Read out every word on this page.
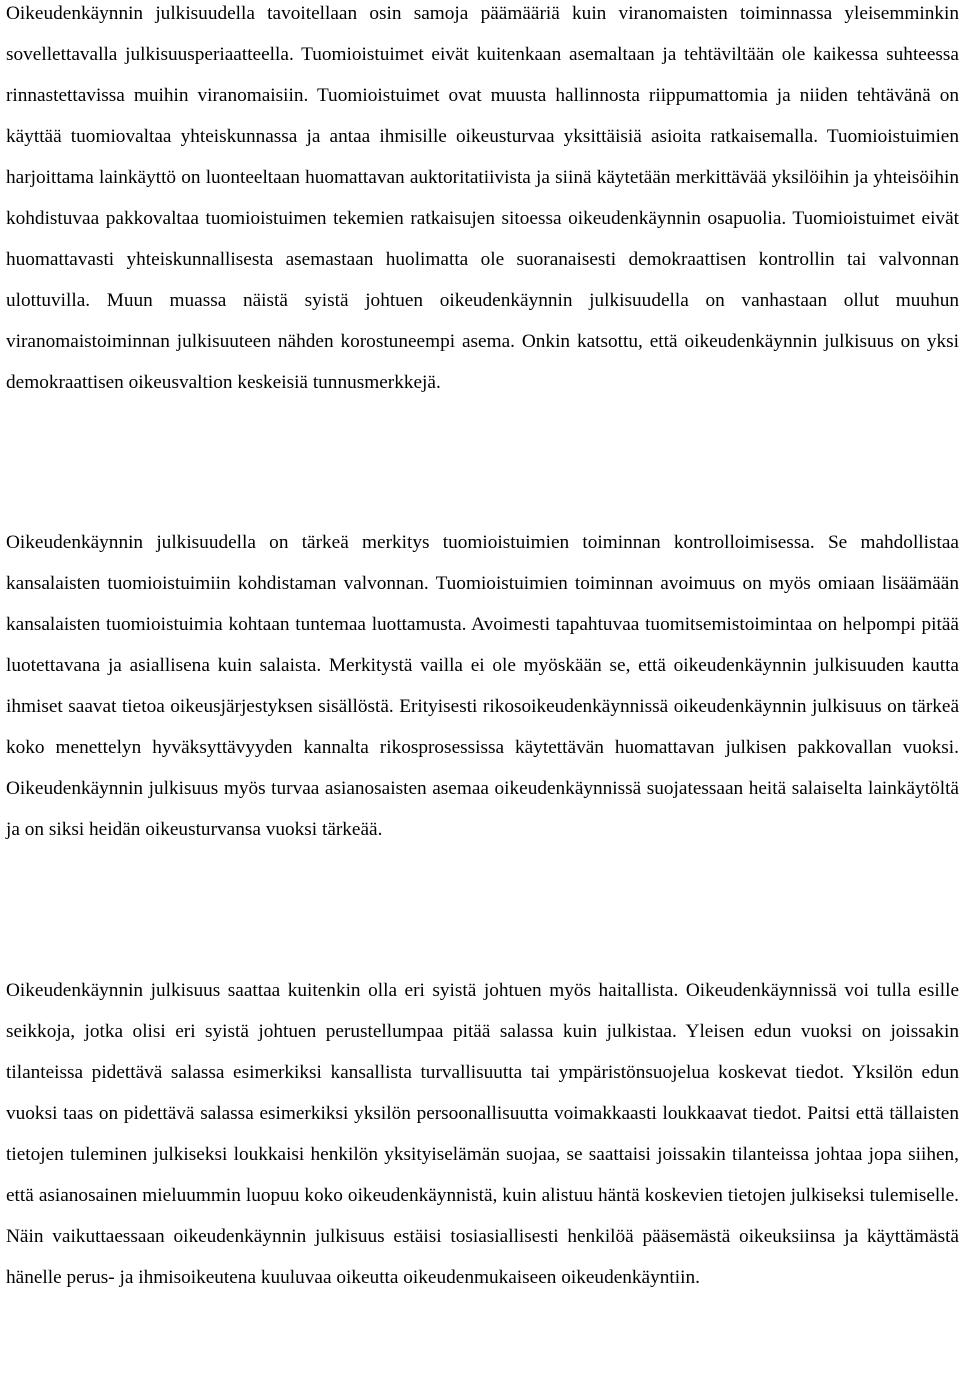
Oikeudenkäynnin julkisuudella tavoitellaan osin samoja päämääriä kuin viranomaisten toiminnassa yleisemminkin sovellettavalla julkisuusperiaatteella. Tuomioistuimet eivät kuitenkaan asemaltaan ja tehtäviltään ole kaikessa suhteessa rinnastettavissa muihin viranomaisiin. Tuomioistuimet ovat muusta hallinnosta riippumattomia ja niiden tehtävänä on käyttää tuomiovaltaa yhteiskunnassa ja antaa ihmisille oikeusturvaa yksittäisiä asioita ratkaisemalla. Tuomioistuimien harjoittama lainkäyttö on luonteeltaan huomattavan auktoritatiivista ja siinä käytetään merkittävää yksilöihin ja yhteisöihin kohdistuvaa pakkovaltaa tuomioistuimen tekemien ratkaisujen sitoessa oikeudenkäynnin osapuolia. Tuomioistuimet eivät huomattavasti yhteiskunnallisesta asemastaan huolimatta ole suoranaisesti demokraattisen kontrollin tai valvonnan ulottuvilla. Muun muassa näistä syistä johtuen oikeudenkäynnin julkisuudella on vanhastaan ollut muuhun viranomaistoiminnan julkisuuteen nähden korostuneempi asema. Onkin katsottu, että oikeudenkäynnin julkisuus on yksi demokraattisen oikeusvaltion keskeisiä tunnusmerkkejä.

Oikeudenkäynnin julkisuudella on tärkeä merkitys tuomioistuimien toiminnan kontrolloimisessa. Se mahdollistaa kansalaisten tuomioistuimiin kohdistaman valvonnan. Tuomioistuimien toiminnan avoimuus on myös omiaan lisäämään kansalaisten tuomioistuimia kohtaan tuntemaa luottamusta. Avoimesti tapahtuvaa tuomitsemistoimintaa on helpompi pitää luotettavana ja asiallisena kuin salaista. Merkitystä vailla ei ole myöskään se, että oikeudenkäynnin julkisuuden kautta ihmiset saavat tietoa oikeusjärjestyksen sisällöstä. Erityisesti rikosoikeudenkäynnissä oikeudenkäynnin julkisuus on tärkeä koko menettelyn hyväksyttävyyden kannalta rikosprosessissa käytettävän huomattavan julkisen pakkovallan vuoksi. Oikeudenkäynnin julkisuus myös turvaa asianosaisten asemaa oikeudenkäynnissä suojatessaan heitä salaiselta lainkäytöltä ja on siksi heidän oikeusturvansa vuoksi tärkeää.

Oikeudenkäynnin julkisuus saattaa kuitenkin olla eri syistä johtuen myös haitallista. Oikeudenkäynnissä voi tulla esille seikkoja, jotka olisi eri syistä johtuen perustellumpaa pitää salassa kuin julkistaa. Yleisen edun vuoksi on joissakin tilanteissa pidettävä salassa esimerkiksi kansallista turvallisuutta tai ympäristönsuojelua koskevat tiedot. Yksilön edun vuoksi taas on pidettävä salassa esimerkiksi yksilön persoonallisuutta voimakkaasti loukkaavat tiedot. Paitsi että tällaisten tietojen tuleminen julkiseksi loukkaisi henkilön yksityiselämän suojaa, se saattaisi joissakin tilanteissa johtaa jopa siihen, että asianosainen mieluummin luopuu koko oikeudenkäynnistä, kuin alistuu häntä koskevien tietojen julkiseksi tulemiselle. Näin vaikuttaessaan oikeudenkäynnin julkisuus estäisi tosiasiallisesti henkilöä pääsemästä oikeuksiinsa ja käyttämästä hänelle perus- ja ihmisoikeutena kuuluvaa oikeutta oikeudenmukaiseen oikeudenkäyntiin.
